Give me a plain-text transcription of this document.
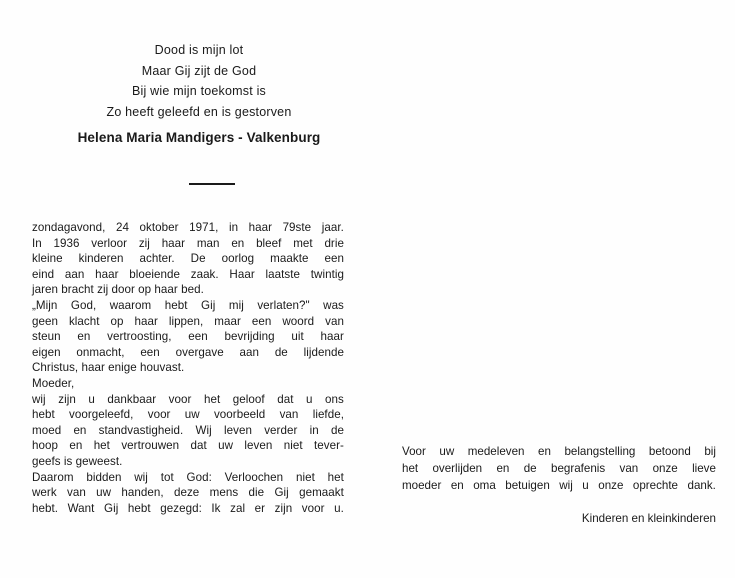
Dood is mijn lot
Maar Gij zijt de God
Bij wie mijn toekomst is
Zo heeft geleefd en is gestorven
Helena Maria Mandigers - Valkenburg
zondagavond, 24 oktober 1971, in haar 79ste jaar.
In 1936 verloor zij haar man en bleef met drie
kleine kinderen achter. De oorlog maakte een
eind aan haar bloeiende zaak. Haar laatste twintig
jaren bracht zij door op haar bed.
„Mijn God, waarom hebt Gij mij verlaten?" was
geen klacht op haar lippen, maar een woord van
steun en vertroosting, een bevrijding uit haar
eigen onmacht, een overgave aan de lijdende
Christus, haar enige houvast.
Moeder,
wij zijn u dankbaar voor het geloof dat u ons
hebt voorgeleefd, voor uw voorbeeld van liefde,
moed en standvastigheid. Wij leven verder in de
hoop en het vertrouwen dat uw leven niet tever-
geefs is geweest.
Daarom bidden wij tot God: Verloochen niet het
werk van uw handen, deze mens die Gij gemaakt
hebt. Want Gij hebt gezegd: Ik zal er zijn voor u.
Voor uw medeleven en belangstelling betoond bij
het overlijden en de begrafenis van onze lieve
moeder en oma betuigen wij u onze oprechte dank.
Kinderen en kleinkinderen
